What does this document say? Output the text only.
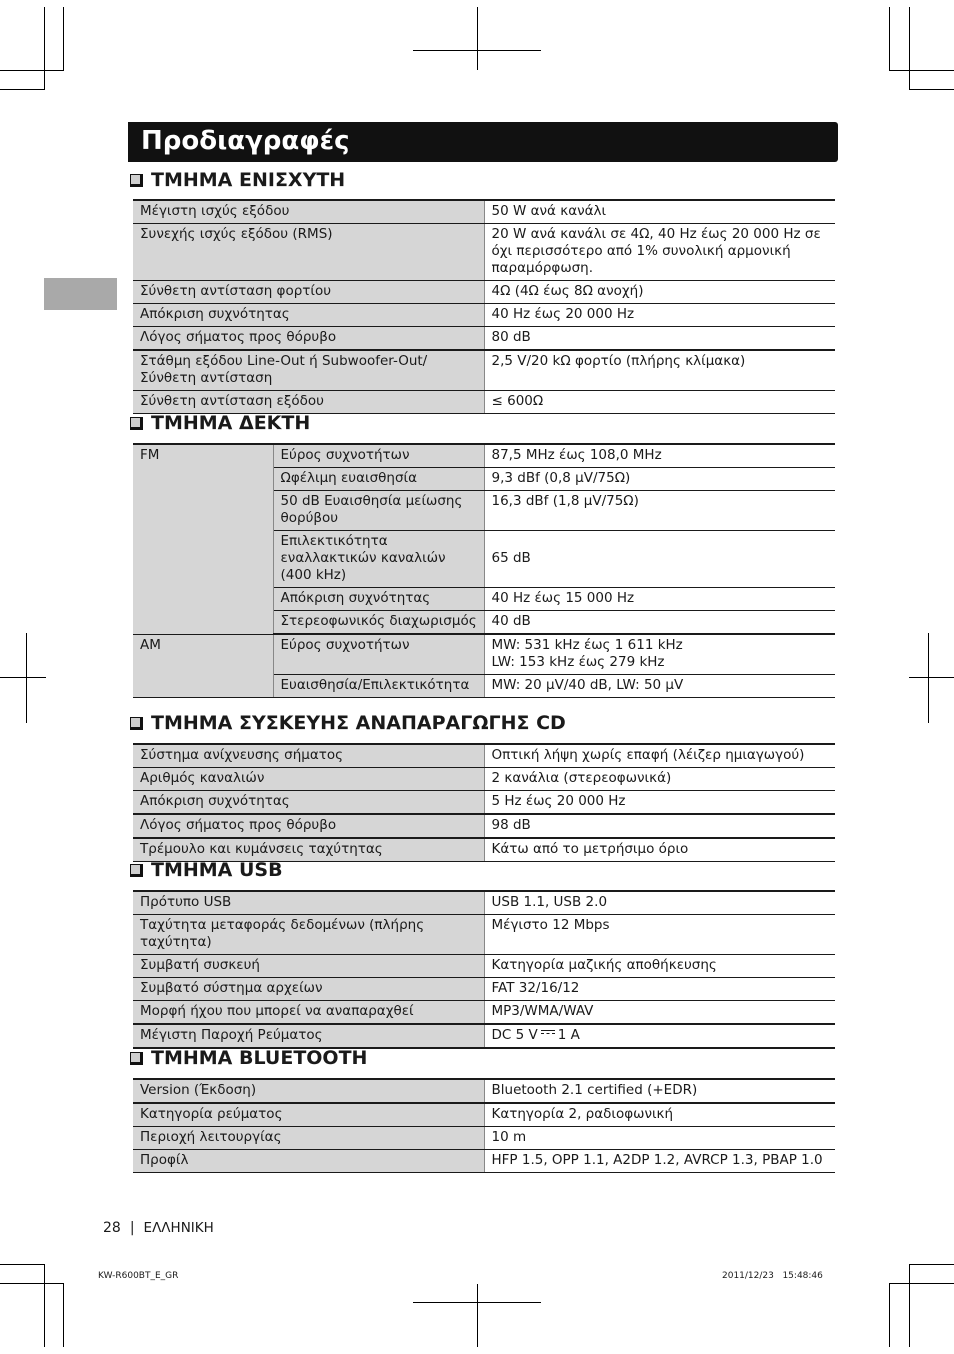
Προδιαγραφές
ΤΜΗΜΑ ΕΝΙΣΧΥΤΗ
Μέγιστη ισχύς εξόδου	50 W ανά κανάλι
Συνεχής ισχύς εξόδου (RMS)	20 W ανά κανάλι σε 4Ω, 40 Hz έως 20 000 Hz σε όχι περισσότερο από 1% συνολική αρμονική παραμόρφωση.
Σύνθετη αντίσταση φορτίου	4Ω (4Ω έως 8Ω ανοχή)
Απόκριση συχνότητας	40 Hz έως 20 000 Hz
Λόγος σήματος προς θόρυβο	80 dB
Στάθμη εξόδου Line-Out ή Subwoofer-Out/ Σύνθετη αντίσταση	2,5 V/20 kΩ φορτίο (πλήρης κλίμακα)
Σύνθετη αντίσταση εξόδου	≤ 600Ω
ΤΜΗΜΑ ΔΕΚΤΗ
FM	Εύρος συχνοτήτων	87,5 MHz έως 108,0 MHz
	Ωφέλιμη ευαισθησία	9,3 dBf (0,8 μV/75Ω)
	50 dB Ευαισθησία μείωσης θορύβου	16,3 dBf (1,8 μV/75Ω)
	Επιλεκτικότητα εναλλακτικών καναλιών (400 kHz)	65 dB
	Απόκριση συχνότητας	40 Hz έως 15 000 Hz
	Στερεοφωνικός διαχωρισμός	40 dB
AM	Εύρος συχνοτήτων	MW: 531 kHz έως 1 611 kHz
LW: 153 kHz έως 279 kHz
	Ευαισθησία/Επιλεκτικότητα	MW: 20 μV/40 dB, LW: 50 μV
ΤΜΗΜΑ ΣΥΣΚΕΥΗΣ ΑΝΑΠΑΡΑΓΩΓΗΣ CD
Σύστημα ανίχνευσης σήματος	Οπτική λήψη χωρίς επαφή (λέιζερ ημιαγωγού)
Αριθμός καναλιών	2 κανάλια (στερεοφωνικά)
Απόκριση συχνότητας	5 Hz έως 20 000 Hz
Λόγος σήματος προς θόρυβο	98 dB
Τρέμουλο και κυμάνσεις ταχύτητας	Κάτω από το μετρήσιμο όριο
ΤΜΗΜΑ USB
Πρότυπο USB	USB 1.1, USB 2.0
Ταχύτητα μεταφοράς δεδομένων (πλήρης ταχύτητα)	Μέγιστο 12 Mbps
Συμβατή συσκευή	Κατηγορία μαζικής αποθήκευσης
Συμβατό σύστημα αρχείων	FAT 32/16/12
Μορφή ήχου που μπορεί να αναπαραχθεί	MP3/WMA/WAV
Μέγιστη Παροχή Ρεύματος	DC 5 V 1 A
ΤΜΗΜΑ BLUETOOTH
Version (Έκδοση)	Bluetooth 2.1 certified (+EDR)
Κατηγορία ρεύματος	Κατηγορία 2, ραδιοφωνική
Περιοχή λειτουργίας	10 m
Προφίλ	HFP 1.5, OPP 1.1, A2DP 1.2, AVRCP 1.3, PBAP 1.0
28 | ΕΛΛΗΝΙΚΗ
KW-R600BT_E_GR	2011/12/23   15:48:46
